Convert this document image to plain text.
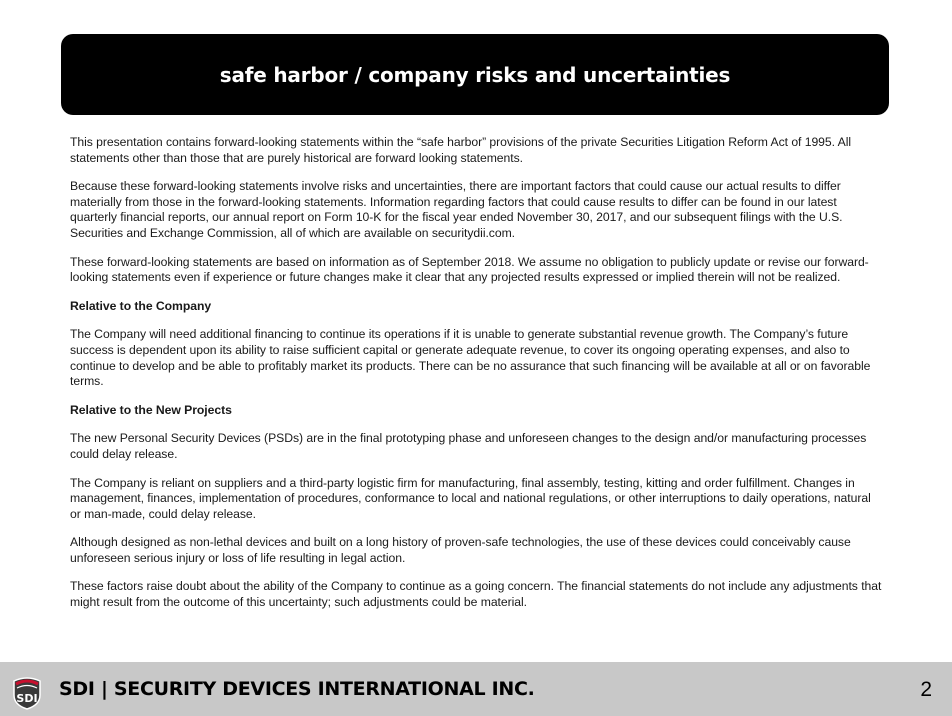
safe harbor / company risks and uncertainties

This presentation contains forward-looking statements within the “safe harbor” provisions of the private Securities Litigation Reform Act of 1995. All statements other than those that are purely historical are forward looking statements.

Because these forward-looking statements involve risks and uncertainties, there are important factors that could cause our actual results to differ materially from those in the forward-looking statements. Information regarding factors that could cause results to differ can be found in our latest quarterly financial reports, our annual report on Form 10-K for the fiscal year ended November 30, 2017, and our subsequent filings with the U.S. Securities and Exchange Commission, all of which are available on securitydii.com.

These forward-looking statements are based on information as of September 2018. We assume no obligation to publicly update or revise our forward-looking statements even if experience or future changes make it clear that any projected results expressed or implied therein will not be realized.

Relative to the Company

The Company will need additional financing to continue its operations if it is unable to generate substantial revenue growth. The Company’s future success is dependent upon its ability to raise sufficient capital or generate adequate revenue, to cover its ongoing operating expenses, and also to continue to develop and be able to profitably market its products. There can be no assurance that such financing will be available at all or on favorable terms.

Relative to the New Projects

The new Personal Security Devices (PSDs) are in the final prototyping phase and unforeseen changes to the design and/or manufacturing processes could delay release.

The Company is reliant on suppliers and a third-party logistic firm for manufacturing, final assembly, testing, kitting and order fulfillment. Changes in management, finances, implementation of procedures, conformance to local and national regulations, or other interruptions to daily operations, natural or man-made, could delay release.

Although designed as non-lethal devices and built on a long history of proven-safe technologies, the use of these devices could conceivably cause unforeseen serious injury or loss of life resulting in legal action.

These factors raise doubt about the ability of the Company to continue as a going concern. The financial statements do not include any adjustments that might result from the outcome of this uncertainty; such adjustments could be material.

SDI SDI | SECURITY DEVICES INTERNATIONAL INC.	2
